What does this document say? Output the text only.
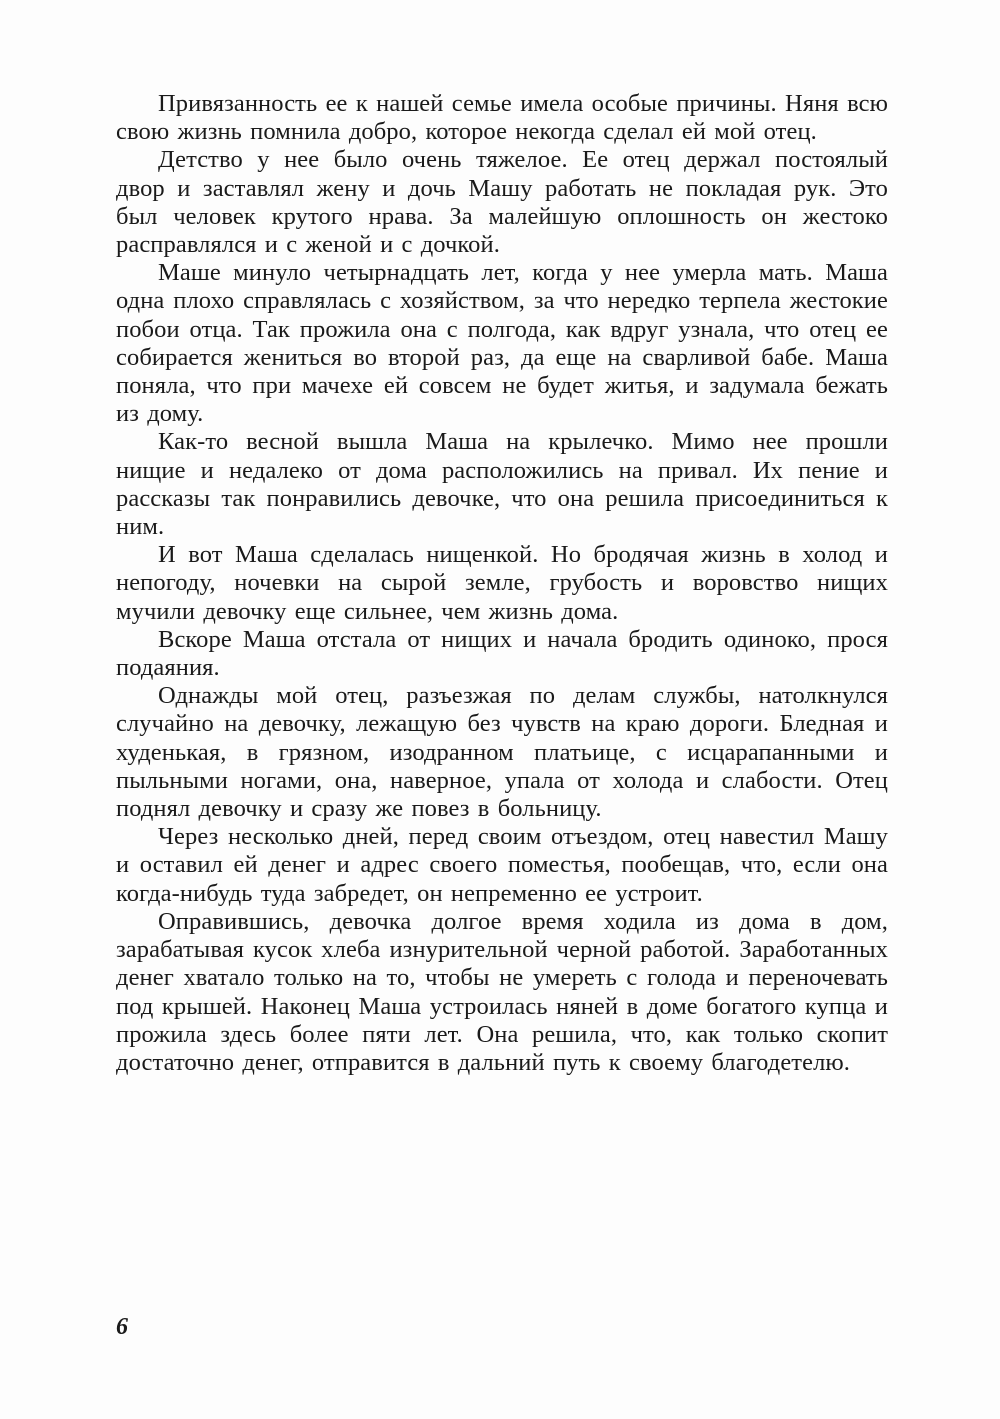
Привязанность ее к нашей семье имела особые причины. Няня всю свою жизнь помнила добро, которое некогда сделал ей мой отец.

Детство у нее было очень тяжелое. Ее отец держал постоялый двор и заставлял жену и дочь Машу работать не покладая рук. Это был человек крутого нрава. За малейшую оплошность он жестоко расправлялся и с женой и с дочкой.

Маше минуло четырнадцать лет, когда у нее умерла мать. Маша одна плохо справлялась с хозяйством, за что нередко терпела жестокие побои отца. Так прожила она с полгода, как вдруг узнала, что отец ее собирается жениться во второй раз, да еще на сварливой бабе. Маша поняла, что при мачехе ей совсем не будет житья, и задумала бежать из дому.

Как-то весной вышла Маша на крылечко. Мимо нее прошли нищие и недалеко от дома расположились на привал. Их пение и рассказы так понравились девочке, что она решила присоединиться к ним.

И вот Маша сделалась нищенкой. Но бродячая жизнь в холод и непогоду, ночевки на сырой земле, грубость и воровство нищих мучили девочку еще сильнее, чем жизнь дома.

Вскоре Маша отстала от нищих и начала бродить одиноко, прося подаяния.

Однажды мой отец, разъезжая по делам службы, натолкнулся случайно на девочку, лежащую без чувств на краю дороги. Бледная и худенькая, в грязном, изодранном платьице, с исцарапанными и пыльными ногами, она, наверное, упала от холода и слабости. Отец поднял девочку и сразу же повез в больницу.

Через несколько дней, перед своим отъездом, отец навестил Машу и оставил ей денег и адрес своего поместья, пообещав, что, если она когда-нибудь туда забредет, он непременно ее устроит.

Оправившись, девочка долгое время ходила из дома в дом, зарабатывая кусок хлеба изнурительной черной работой. Заработанных денег хватало только на то, чтобы не умереть с голода и переночевать под крышей. Наконец Маша устроилась няней в доме богатого купца и прожила здесь более пяти лет. Она решила, что, как только скопит достаточно денег, отправится в дальний путь к своему благодетелю.

6
